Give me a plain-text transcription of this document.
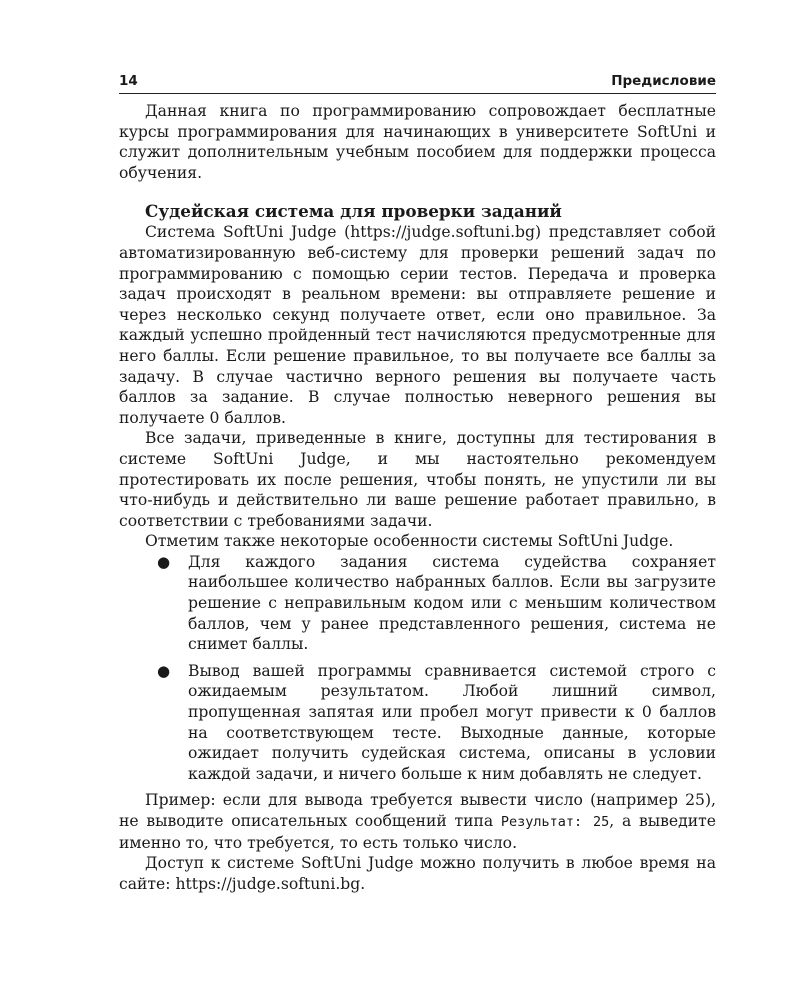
14	Предисловие

Данная книга по программированию сопровождает бесплатные курсы программирования для начинающих в университете SoftUni и служит дополнительным учебным пособием для поддержки процесса обучения.

Судейская система для проверки заданий

Система SoftUni Judge (https://judge.softuni.bg) представляет собой автоматизированную веб-систему для проверки решений задач по программированию с помощью серии тестов. Передача и проверка задач происходят в реальном времени: вы отправляете решение и через несколько секунд получаете ответ, если оно правильное. За каждый успешно пройденный тест начисляются предусмотренные для него баллы. Если решение правильное, то вы получаете все баллы за задачу. В случае частично верного решения вы получаете часть баллов за задание. В случае полностью неверного решения вы получаете 0 баллов.

Все задачи, приведенные в книге, доступны для тестирования в системе SoftUni Judge, и мы настоятельно рекомендуем протестировать их после решения, чтобы понять, не упустили ли вы что-нибудь и действительно ли ваше решение работает правильно, в соответствии с требованиями задачи.

Отметим также некоторые особенности системы SoftUni Judge.

● Для каждого задания система судейства сохраняет наибольшее количество набранных баллов. Если вы загрузите решение с неправильным кодом или с меньшим количеством баллов, чем у ранее представленного решения, система не снимет баллы.
● Вывод вашей программы сравнивается системой строго с ожидаемым результатом. Любой лишний символ, пропущенная запятая или пробел могут привести к 0 баллов на соответствующем тесте. Выходные данные, которые ожидает получить судейская система, описаны в условии каждой задачи, и ничего больше к ним добавлять не следует.

Пример: если для вывода требуется вывести число (например 25), не выводите описательных сообщений типа Результат: 25, а выведите именно то, что требуется, то есть только число.

Доступ к системе SoftUni Judge можно получить в любое время на сайте: https://judge.softuni.bg.
